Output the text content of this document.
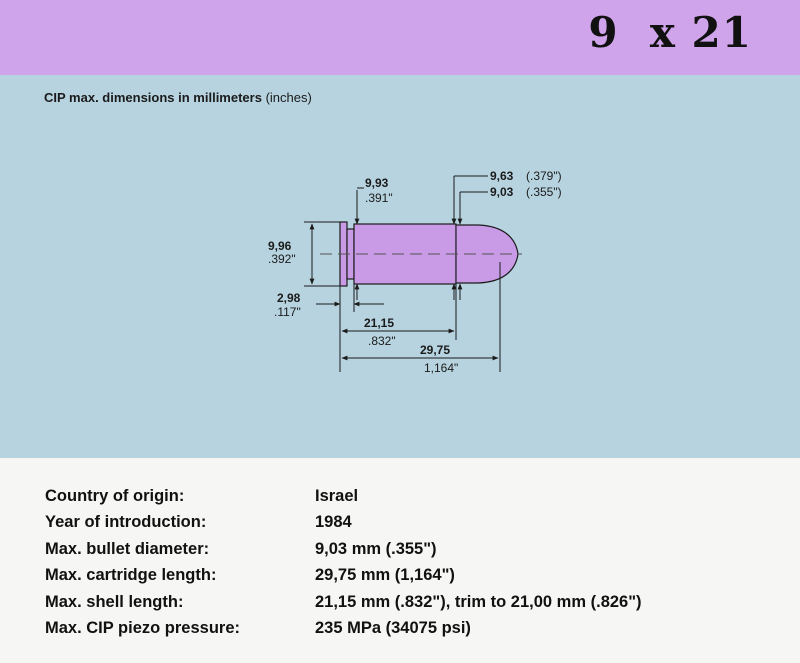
9  x 21
CIP max. dimensions in millimeters (inches)
9,96
.392"
9,93
.391"
9,63 (.379")
9,03 (.355")
2,98
.117"
21,15
.832"
29,75
1,164"
Country of origin:	Israel
Year of introduction:	1984
Max. bullet diameter:	9,03 mm (.355")
Max. cartridge length:	29,75 mm (1,164")
Max. shell length:	21,15 mm (.832"), trim to 21,00 mm (.826")
Max. CIP piezo pressure:	235 MPa (34075 psi)
